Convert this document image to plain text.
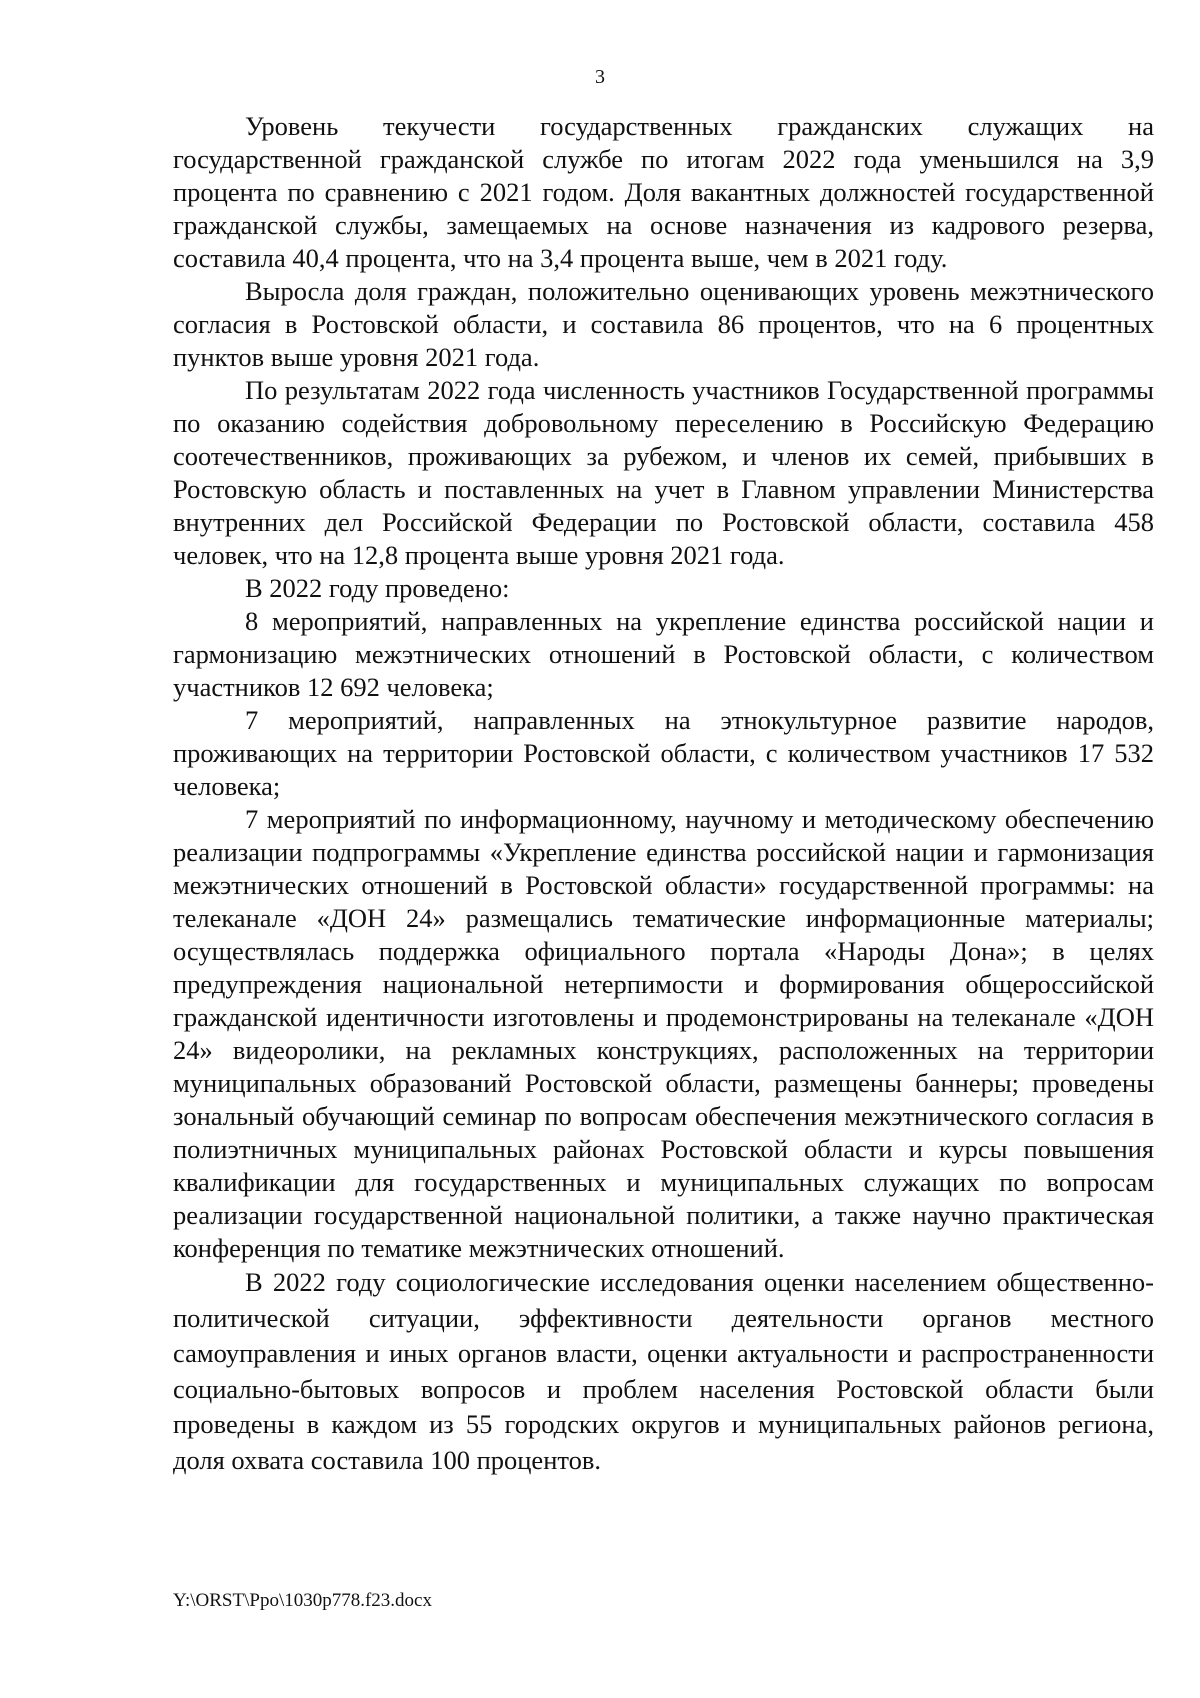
3

Уровень текучести государственных гражданских служащих на государственной гражданской службе по итогам 2022 года уменьшился на 3,9 процента по сравнению с 2021 годом. Доля вакантных должностей государственной гражданской службы, замещаемых на основе назначения из кадрового резерва, составила 40,4 процента, что на 3,4 процента выше, чем в 2021 году.

Выросла доля граждан, положительно оценивающих уровень межэтнического согласия в Ростовской области, и составила 86 процентов, что на 6 процентных пунктов выше уровня 2021 года.

По результатам 2022 года численность участников Государственной программы по оказанию содействия добровольному переселению в Российскую Федерацию соотечественников, проживающих за рубежом, и членов их семей, прибывших в Ростовскую область и поставленных на учет в Главном управлении Министерства внутренних дел Российской Федерации по Ростовской области, составила 458 человек, что на 12,8 процента выше уровня 2021 года.

В 2022 году проведено:

8 мероприятий, направленных на укрепление единства российской нации и гармонизацию межэтнических отношений в Ростовской области, с количеством участников 12 692 человека;

7 мероприятий, направленных на этнокультурное развитие народов, проживающих на территории Ростовской области, с количеством участников 17 532 человека;

7 мероприятий по информационному, научному и методическому обеспечению реализации подпрограммы «Укрепление единства российской нации и гармонизация межэтнических отношений в Ростовской области» государственной программы: на телеканале «ДОН 24» размещались тематические информационные материалы; осуществлялась поддержка официального портала «Народы Дона»; в целях предупреждения национальной нетерпимости и формирования общероссийской гражданской идентичности изготовлены и продемонстрированы на телеканале «ДОН 24» видеоролики, на рекламных конструкциях, расположенных на территории муниципальных образований Ростовской области, размещены баннеры; проведены зональный обучающий семинар по вопросам обеспечения межэтнического согласия в полиэтничных муниципальных районах Ростовской области и курсы повышения квалификации для государственных и муниципальных служащих по вопросам реализации государственной национальной политики, а также научно практическая конференция по тематике межэтнических отношений.

В 2022 году социологические исследования оценки населением общественно-политической ситуации, эффективности деятельности органов местного самоуправления и иных органов власти, оценки актуальности и распространенности социально-бытовых вопросов и проблем населения Ростовской области были проведены в каждом из 55 городских округов и муниципальных районов региона, доля охвата составила 100 процентов.

Y:\ORST\Ppo\1030p778.f23.docx
